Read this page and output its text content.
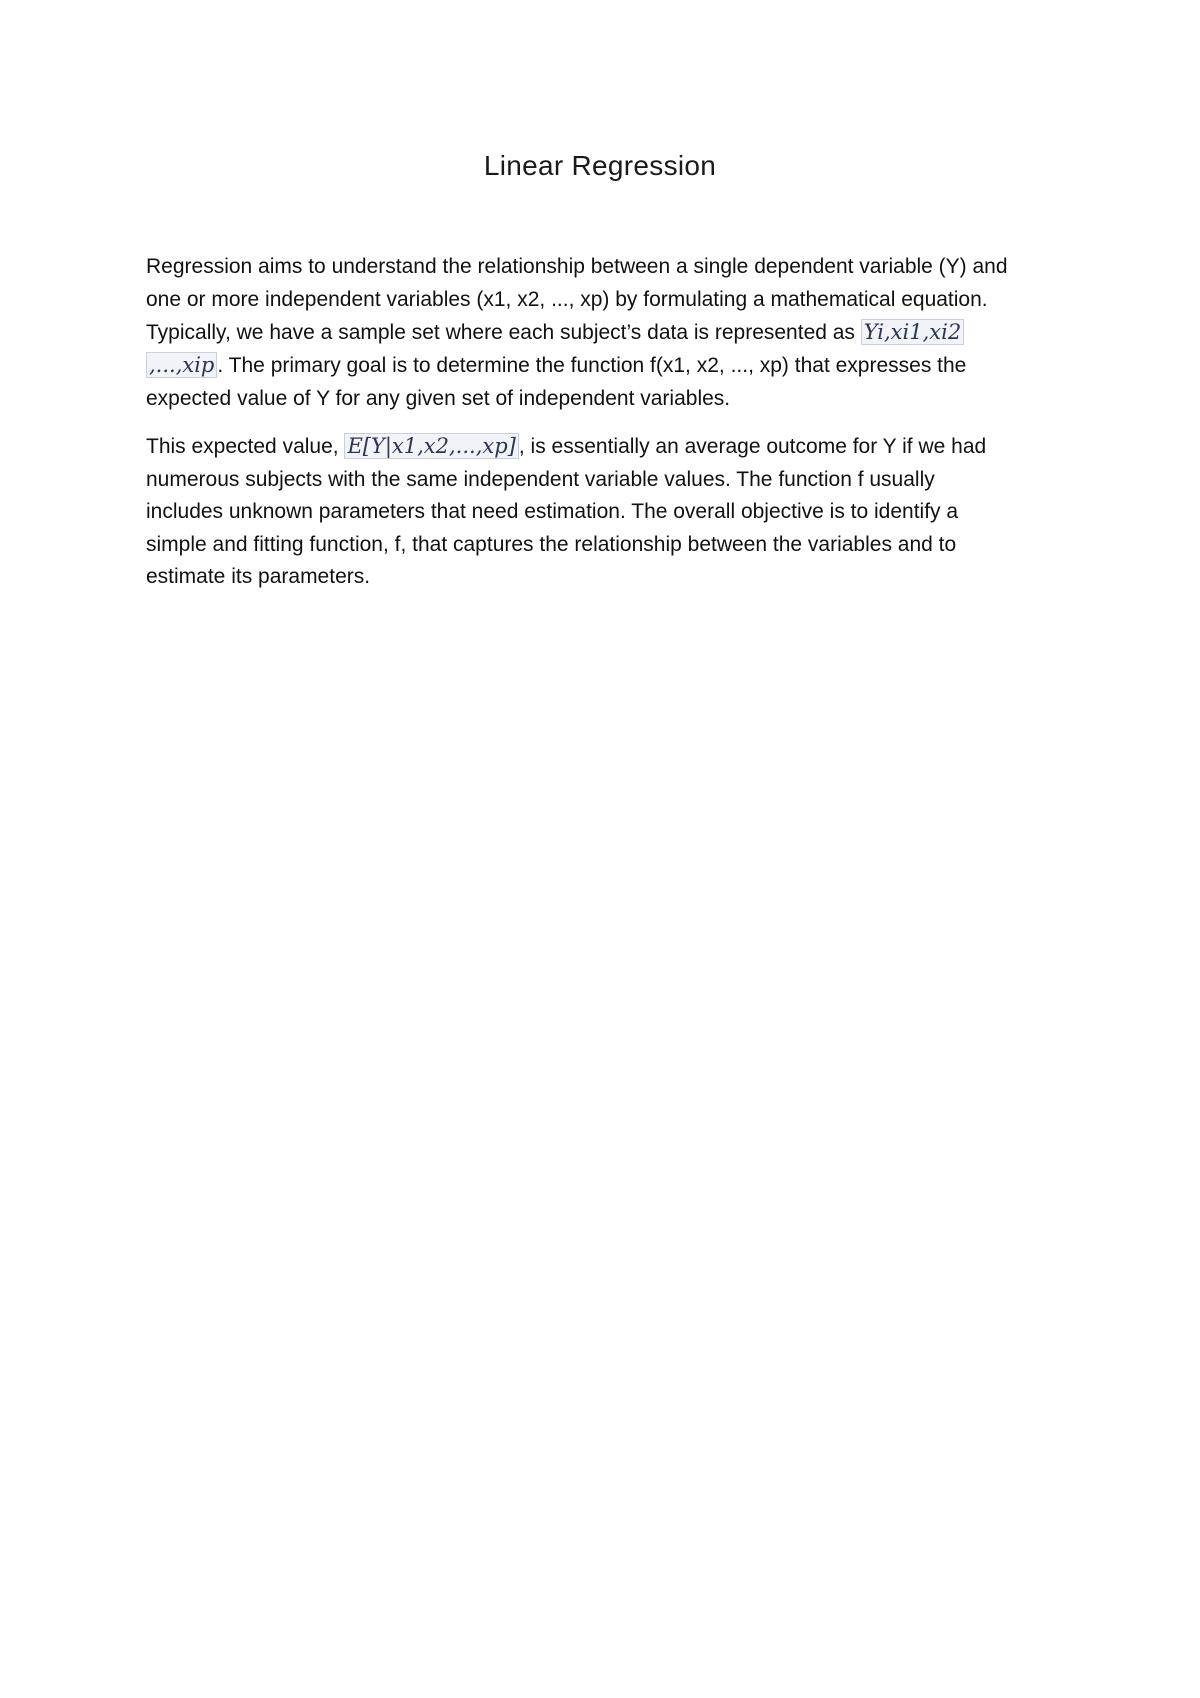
Linear Regression
Regression aims to understand the relationship between a single dependent variable (Y) and
one or more independent variables (x1, x2, ..., xp) by formulating a mathematical equation.
Typically, we have a sample set where each subject’s data is represented as Yi,xi1,xi2
,...,xip . The primary goal is to determine the function f(x1, x2, ..., xp) that expresses the
expected value of Y for any given set of independent variables.
This expected value, E[Y|x1,x2,...,xp] , is essentially an average outcome for Y if we had
numerous subjects with the same independent variable values. The function f usually
includes unknown parameters that need estimation. The overall objective is to identify a
simple and fitting function, f, that captures the relationship between the variables and to
estimate its parameters.
